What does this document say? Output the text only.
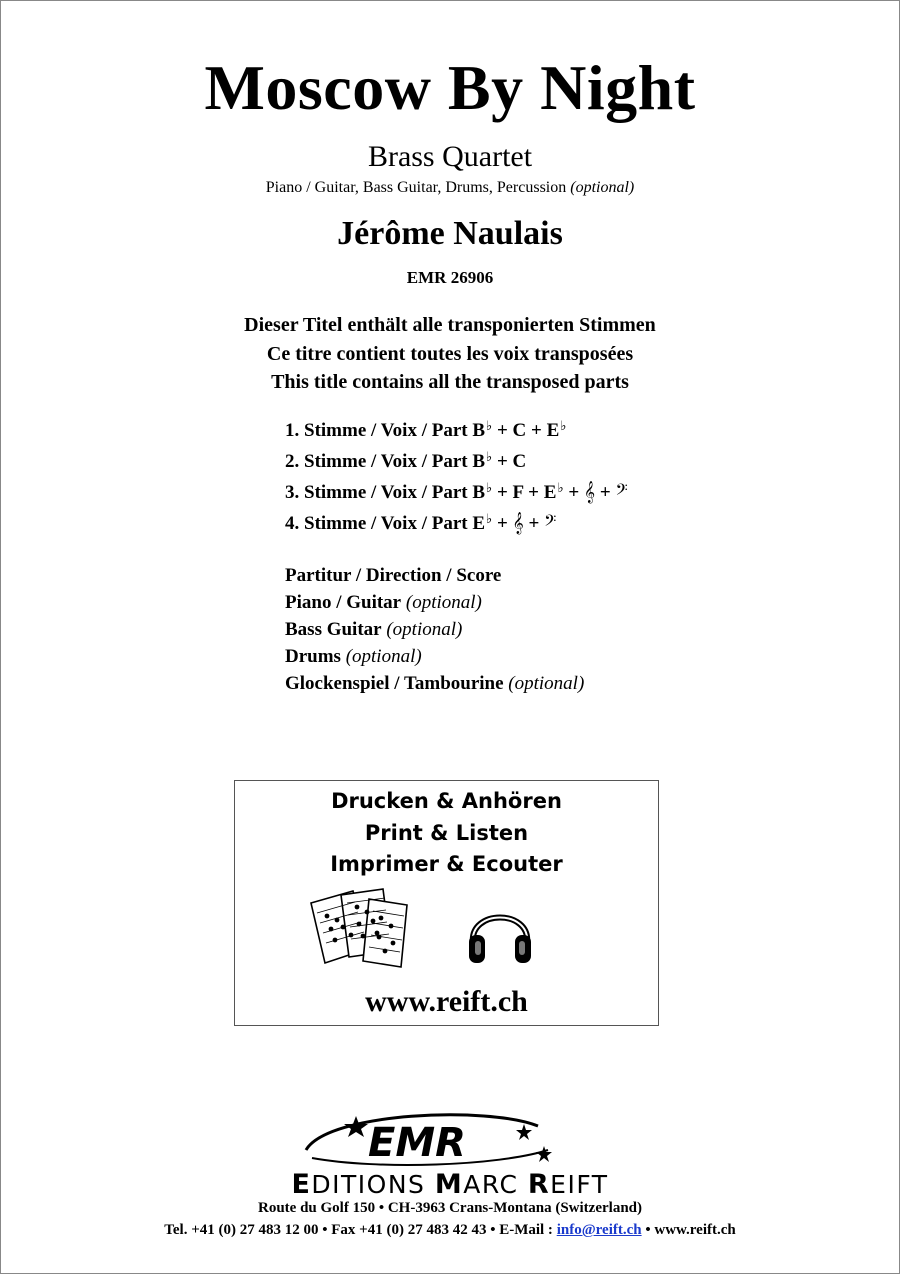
Moscow By Night
Brass Quartet
Piano / Guitar, Bass Guitar, Drums, Percussion (optional)
Jérôme Naulais
EMR 26906
Dieser Titel enthält alle transponierten Stimmen
Ce titre contient toutes les voix transposées
This title contains all the transposed parts
1. Stimme / Voix / Part B♭ + C + E♭
2. Stimme / Voix / Part B♭ + C
3. Stimme / Voix / Part B♭ + F + E♭ + 𝄞 + 𝄢
4. Stimme / Voix / Part E♭ + 𝄞 + 𝄢
Partitur / Direction / Score
Piano / Guitar (optional)
Bass Guitar (optional)
Drums (optional)
Glockenspiel / Tambourine (optional)
Drucken & Anhören
Print & Listen
Imprimer & Ecouter
www.reift.ch
EMR
EDITIONS MARC REIFT
Route du Golf 150 • CH-3963 Crans-Montana (Switzerland)
Tel. +41 (0) 27 483 12 00 • Fax +41 (0) 27 483 42 43 • E-Mail : info@reift.ch • www.reift.ch
